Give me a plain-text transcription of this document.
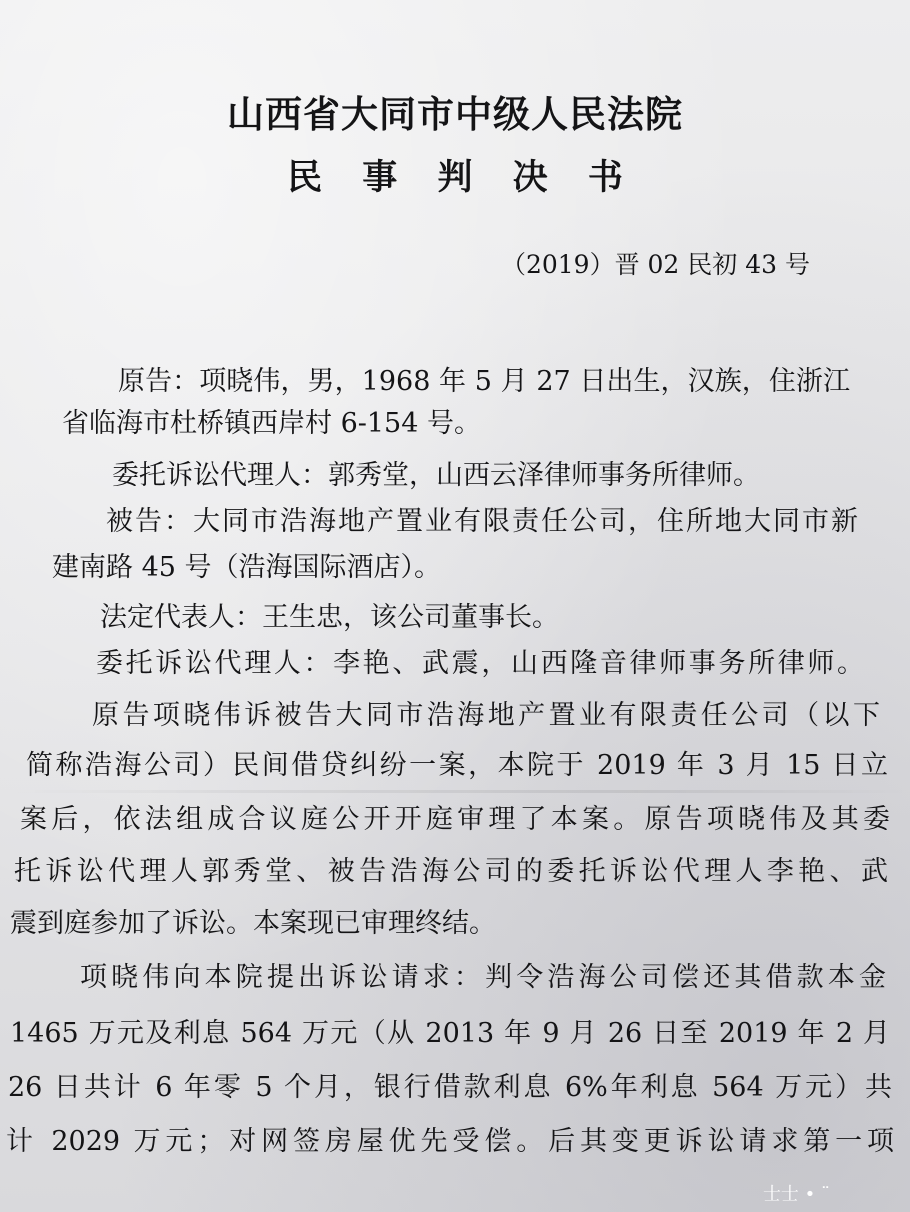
山西省大同市中级人民法院
民 事 判 决 书
（2019）晋 02 民初 43 号
原告：项晓伟，男，1968 年 5 月 27 日出生，汉族，住浙江
省临海市杜桥镇西岸村 6-154 号。
委托诉讼代理人：郭秀堂，山西云泽律师事务所律师。
被告：大同市浩海地产置业有限责任公司，住所地大同市新
建南路 45 号（浩海国际酒店）。
法定代表人：王生忠，该公司董事长。
委托诉讼代理人：李艳、武震，山西隆音律师事务所律师。
原告项晓伟诉被告大同市浩海地产置业有限责任公司（以下
简称浩海公司）民间借贷纠纷一案，本院于 2019 年 3 月 15 日立
案后，依法组成合议庭公开开庭审理了本案。原告项晓伟及其委
托诉讼代理人郭秀堂、被告浩海公司的委托诉讼代理人李艳、武
震到庭参加了诉讼。本案现已审理终结。
项晓伟向本院提出诉讼请求：判令浩海公司偿还其借款本金
1465 万元及利息 564 万元（从 2013 年 9 月 26 日至 2019 年 2 月
26 日共计 6 年零 5 个月，银行借款利息 6%年利息 564 万元）共
计 2029 万元；对网签房屋优先受偿。后其变更诉讼请求第一项
士士 • ¨
